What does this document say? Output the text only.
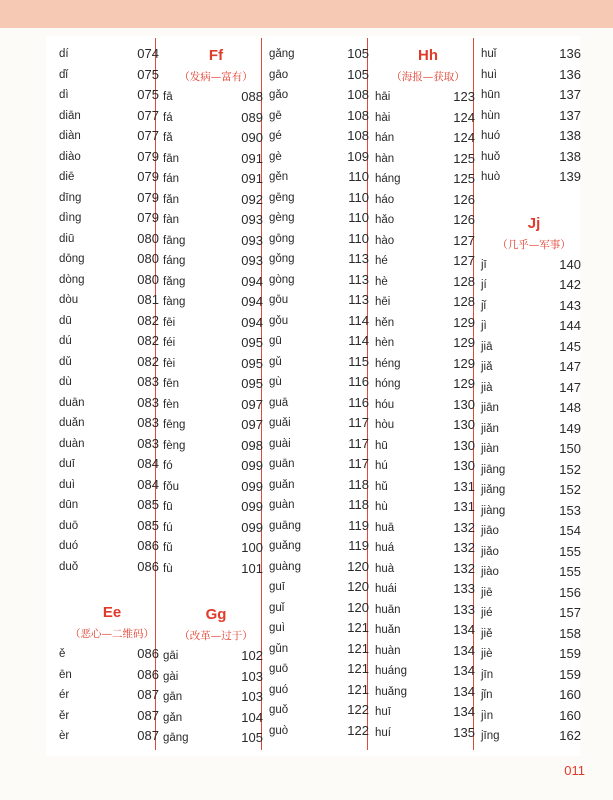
dí	074
dǐ	075
dì	075
diān	077
diàn	077
diào	079
diē	079
dīng	079
dìng	079
diū	080
dōng	080
dòng	080
dòu	081
dū	082
dú	082
dǔ	082
dù	083
duān	083
duǎn	083
duàn	083
duī	084
duì	084
dūn	085
duō	085
duó	086
duǒ	086
Ee
（恶心—二维码）
ě	086
ēn	086
ér	087
ěr	087
èr	087
Ff
（发病—富有）
fā	088
fá	089
fǎ	090
fān	091
fán	091
fǎn	092
fàn	093
fāng	093
fáng	093
fǎng	094
fàng	094
fēi	094
féi	095
fèi	095
fēn	095
fèn	097
fēng	097
fèng	098
fó	099
fǒu	099
fū	099
fú	099
fǔ	100
fù	101
Gg
（改革—过于）
gāi	102
gài	103
gān	103
gǎn	104
gāng	105
gǎng	105
gāo	105
gǎo	108
gē	108
gé	108
gè	109
gěn	110
gēng	110
gèng	110
gōng	110
gǒng	113
gòng	113
gōu	113
gǒu	114
gū	114
gǔ	115
gù	116
guā	116
guǎi	117
guài	117
guān	117
guǎn	118
guàn	118
guāng	119
guǎng	119
guàng	120
guī	120
guǐ	120
guì	121
gǔn	121
guō	121
guó	121
guǒ	122
guò	122
Hh
（海报—获取）
hāi	123
hài	124
hán	124
hàn	125
háng	125
háo	126
hǎo	126
hào	127
hé	127
hè	128
hēi	128
hěn	129
hèn	129
héng	129
hóng	129
hóu	130
hòu	130
hū	130
hú	130
hǔ	131
hù	131
huā	132
huá	132
huà	132
huái	133
huān	133
huǎn	134
huàn	134
huáng	134
huǎng	134
huī	134
huí	135
huǐ	136
huì	136
hūn	137
hùn	137
huó	138
huǒ	138
huò	139
Jj
（几乎—军事）
jī	140
jí	142
jǐ	143
jì	144
jiā	145
jiǎ	147
jià	147
jiān	148
jiǎn	149
jiàn	150
jiāng	152
jiǎng	152
jiàng	153
jiāo	154
jiǎo	155
jiào	155
jiē	156
jié	157
jiě	158
jiè	159
jīn	159
jǐn	160
jìn	160
jīng	162
011
